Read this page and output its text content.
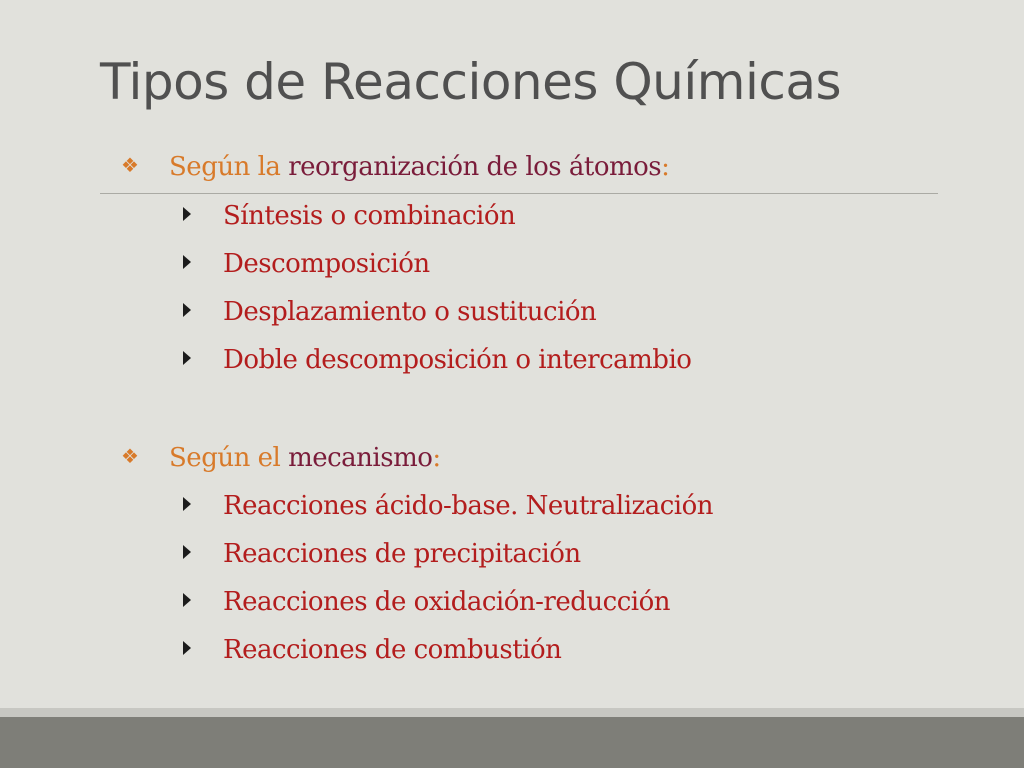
Tipos de Reacciones Químicas
❖ Según la reorganización de los átomos:
Síntesis o combinación
Descomposición
Desplazamiento o sustitución
Doble descomposición o intercambio
❖ Según el mecanismo:
Reacciones ácido-base. Neutralización
Reacciones de precipitación
Reacciones de oxidación-reducción
Reacciones de combustión
